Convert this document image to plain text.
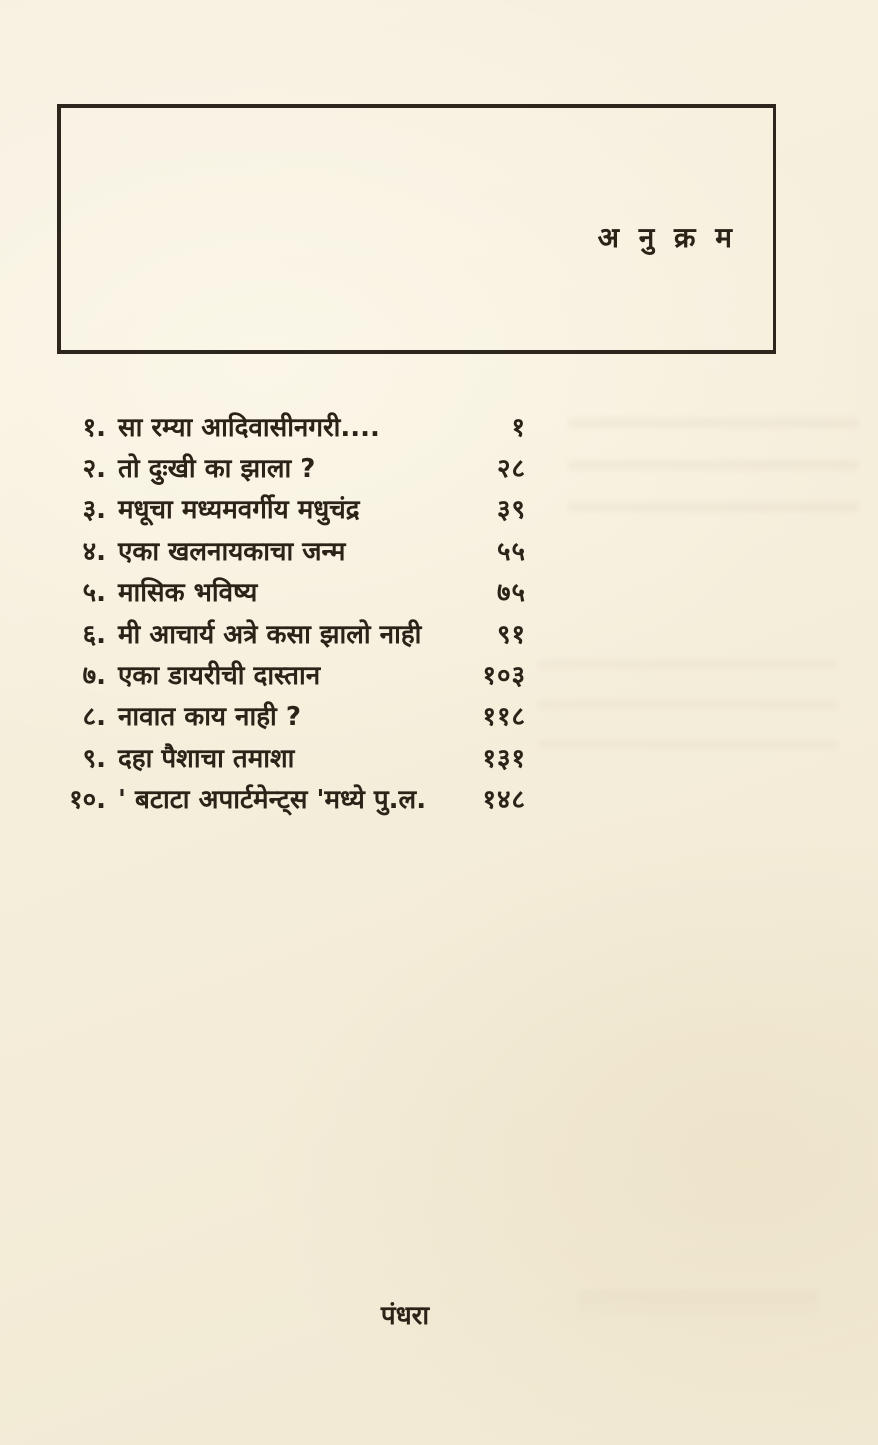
अ नु क्र म
१. सा रम्या आदिवासीनगरी....	१
२. तो दुःखी का झाला ?	२८
३. मधूचा मध्यमवर्गीय मधुचंद्र	३९
४. एका खलनायकाचा जन्म	५५
५. मासिक भविष्य	७५
६. मी आचार्य अत्रे कसा झालो नाही	९१
७. एका डायरीची दास्तान	१०३
८. नावात काय नाही ?	११८
९. दहा पैशाचा तमाशा	१३१
१०. ' बटाटा अपार्टमेन्ट्स 'मध्ये पु.ल.	१४८
पंधरा
